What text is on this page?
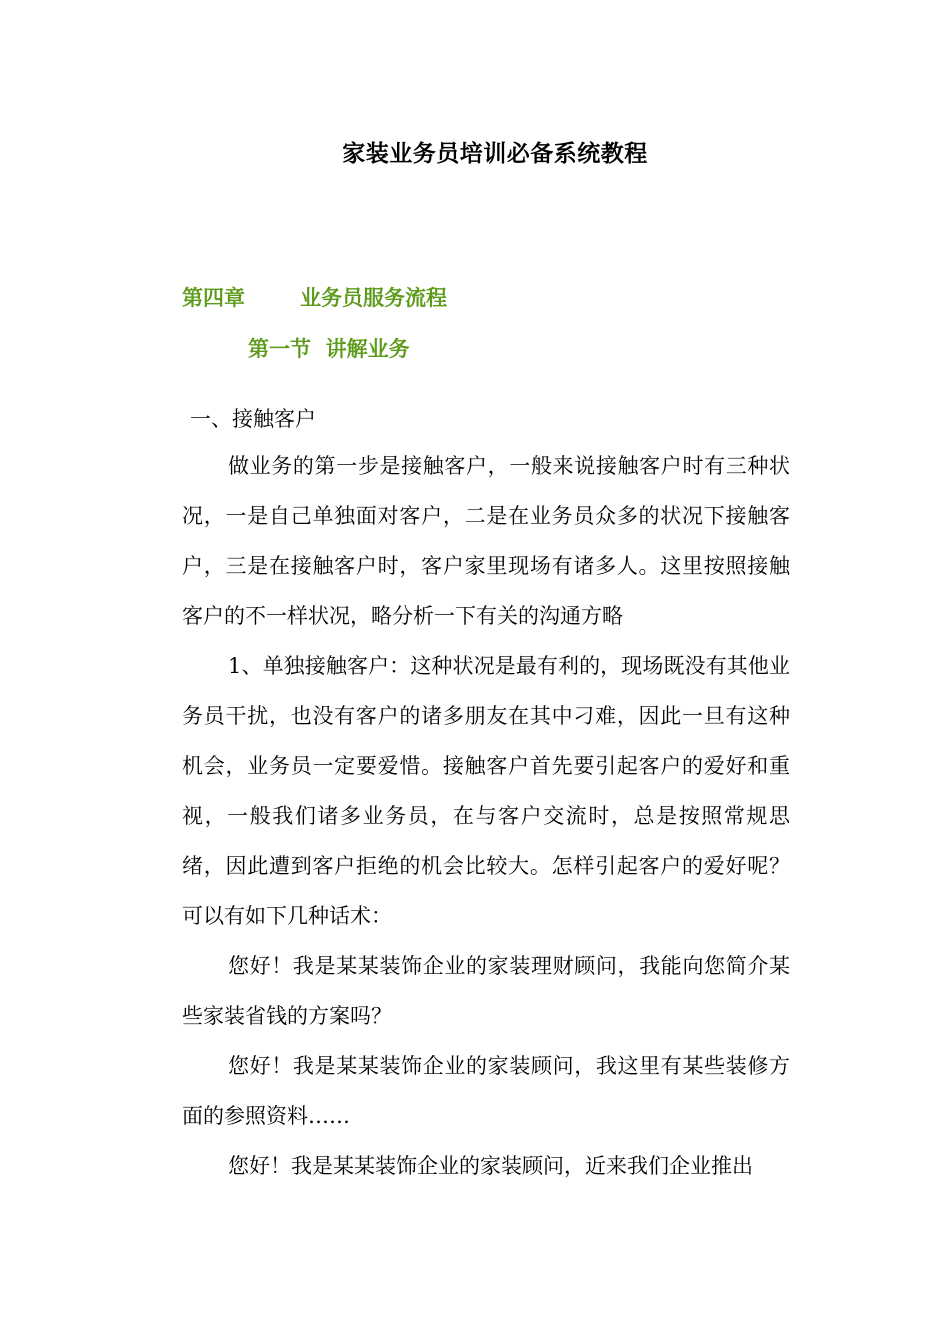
家装业务员培训必备系统教程
第四章	业务员服务流程
第一节  讲解业务
一、接触客户

做业务的第一步是接触客户，一般来说接触客户时有三种状况，一是自己单独面对客户，二是在业务员众多的状况下接触客户，三是在接触客户时，客户家里现场有诸多人。这里按照接触客户的不一样状况，略分析一下有关的沟通方略

1、单独接触客户：这种状况是最有利的，现场既没有其他业务员干扰，也没有客户的诸多朋友在其中刁难，因此一旦有这种机会，业务员一定要爱惜。接触客户首先要引起客户的爱好和重视，一般我们诸多业务员，在与客户交流时，总是按照常规思绪，因此遭到客户拒绝的机会比较大。怎样引起客户的爱好呢？可以有如下几种话术：

您好！我是某某装饰企业的家装理财顾问，我能向您简介某些家装省钱的方案吗？

您好！我是某某装饰企业的家装顾问，我这里有某些装修方面的参照资料……

您好！我是某某装饰企业的家装顾问，近来我们企业推出
